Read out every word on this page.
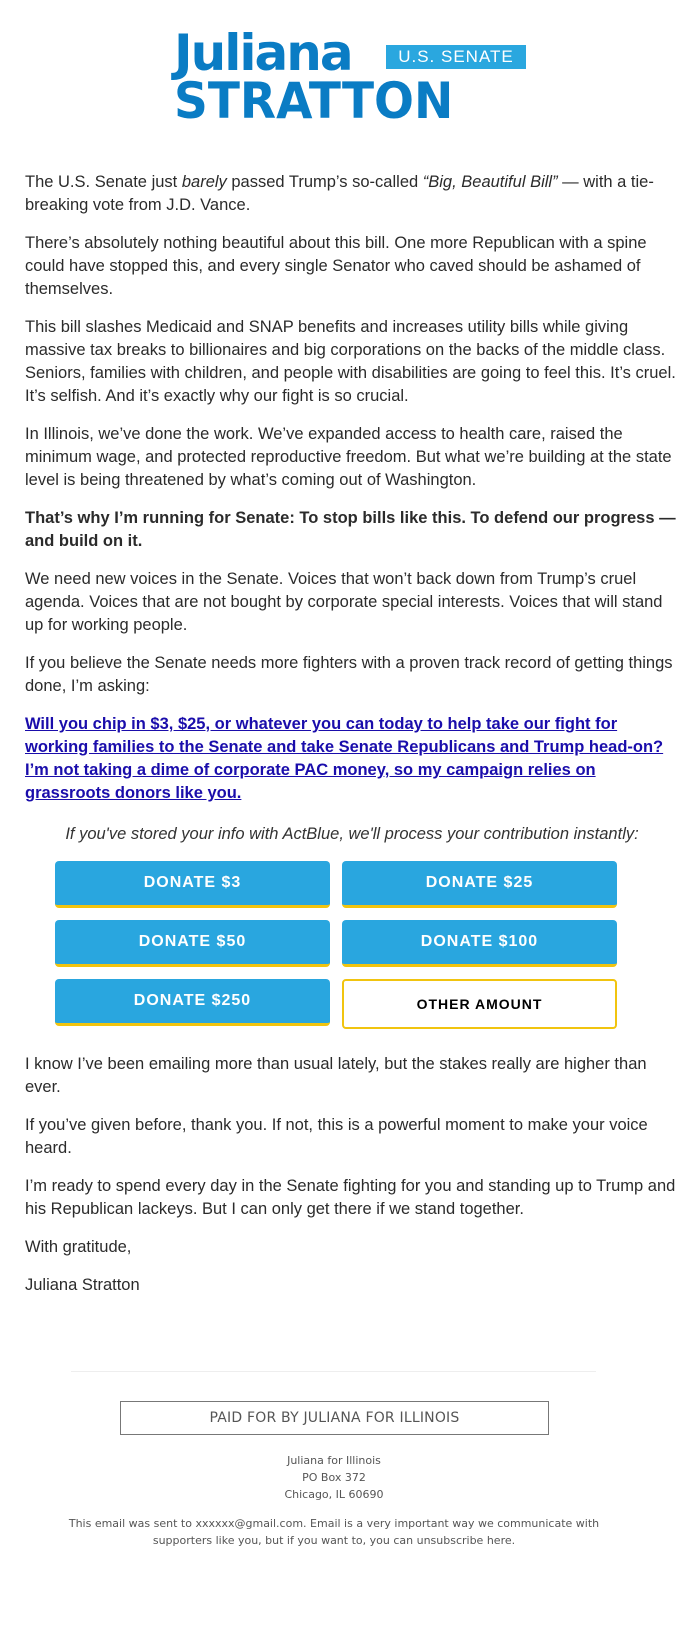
Juliana	U.S. SENATE
STRATTON

The U.S. Senate just barely passed Trump’s so-called “Big, Beautiful Bill” — with a tie-breaking vote from J.D. Vance.

There’s absolutely nothing beautiful about this bill. One more Republican with a spine could have stopped this, and every single Senator who caved should be ashamed of themselves.

This bill slashes Medicaid and SNAP benefits and increases utility bills while giving massive tax breaks to billionaires and big corporations on the backs of the middle class. Seniors, families with children, and people with disabilities are going to feel this. It’s cruel. It’s selfish. And it’s exactly why our fight is so crucial.

In Illinois, we’ve done the work. We’ve expanded access to health care, raised the minimum wage, and protected reproductive freedom. But what we’re building at the state level is being threatened by what’s coming out of Washington.

That’s why I’m running for Senate: To stop bills like this. To defend our progress — and build on it.

We need new voices in the Senate. Voices that won’t back down from Trump’s cruel agenda. Voices that are not bought by corporate special interests. Voices that will stand up for working people.

If you believe the Senate needs more fighters with a proven track record of getting things done, I’m asking:

Will you chip in $3, $25, or whatever you can today to help take our fight for working families to the Senate and take Senate Republicans and Trump head-on? I’m not taking a dime of corporate PAC money, so my campaign relies on grassroots donors like you.

If you've stored your info with ActBlue, we'll process your contribution instantly:

DONATE $3	DONATE $25
DONATE $50	DONATE $100
DONATE $250	OTHER AMOUNT

I know I’ve been emailing more than usual lately, but the stakes really are higher than ever.

If you’ve given before, thank you. If not, this is a powerful moment to make your voice heard.

I’m ready to spend every day in the Senate fighting for you and standing up to Trump and his Republican lackeys. But I can only get there if we stand together.

With gratitude,

Juliana Stratton

PAID FOR BY JULIANA FOR ILLINOIS
Juliana for Illinois
PO Box 372
Chicago, IL 60690
This email was sent to xxxxxx@gmail.com. Email is a very important way we communicate with supporters like you, but if you want to, you can unsubscribe here.
